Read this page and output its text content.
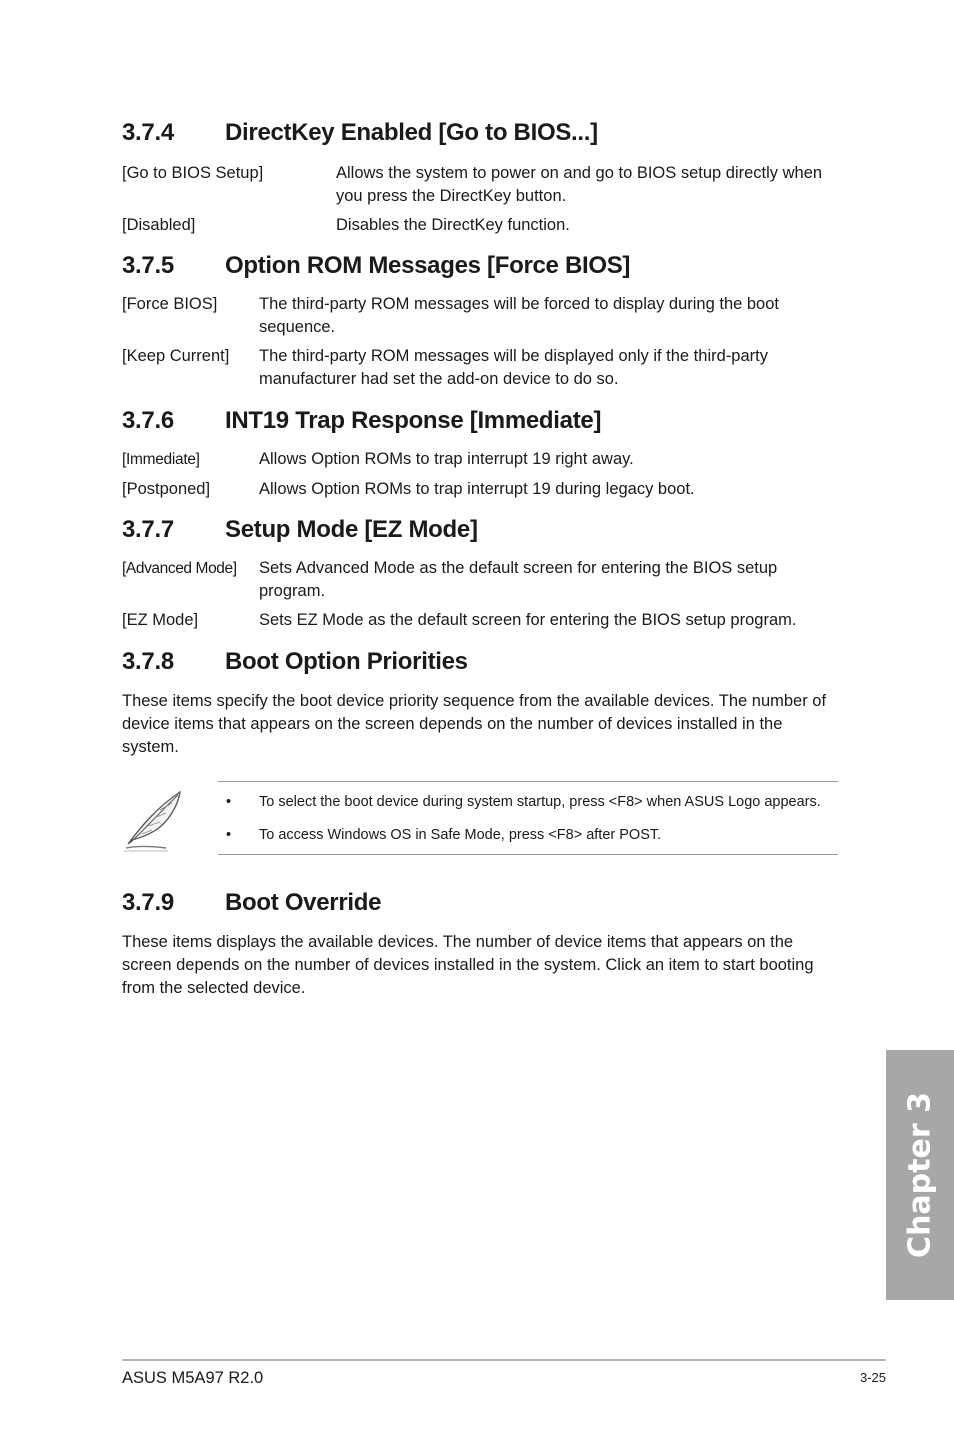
3.7.4 DirectKey Enabled [Go to BIOS...]
[Go to BIOS Setup]	Allows the system to power on and go to BIOS setup directly when you press the DirectKey button.
[Disabled]	Disables the DirectKey function.
3.7.5 Option ROM Messages [Force BIOS]
[Force BIOS]	The third-party ROM messages will be forced to display during the boot sequence.
[Keep Current] The third-party ROM messages will be displayed only if the third-party manufacturer had set the add-on device to do so.
3.7.6 INT19 Trap Response [Immediate]
[Immediate]	Allows Option ROMs to trap interrupt 19 right away.
[Postponed]	Allows Option ROMs to trap interrupt 19 during legacy boot.
3.7.7 Setup Mode [EZ Mode]
[Advanced Mode] Sets Advanced Mode as the default screen for entering the BIOS setup program.
[EZ Mode]	Sets EZ Mode as the default screen for entering the BIOS setup program.
3.7.8 Boot Option Priorities
These items specify the boot device priority sequence from the available devices. The number of device items that appears on the screen depends on the number of devices installed in the system.
• To select the boot device during system startup, press <F8> when ASUS Logo appears.
• To access Windows OS in Safe Mode, press <F8> after POST.
3.7.9 Boot Override
These items displays the available devices. The number of device items that appears on the screen depends on the number of devices installed in the system. Click an item to start booting from the selected device.
Chapter 3
ASUS M5A97 R2.0	3-25
